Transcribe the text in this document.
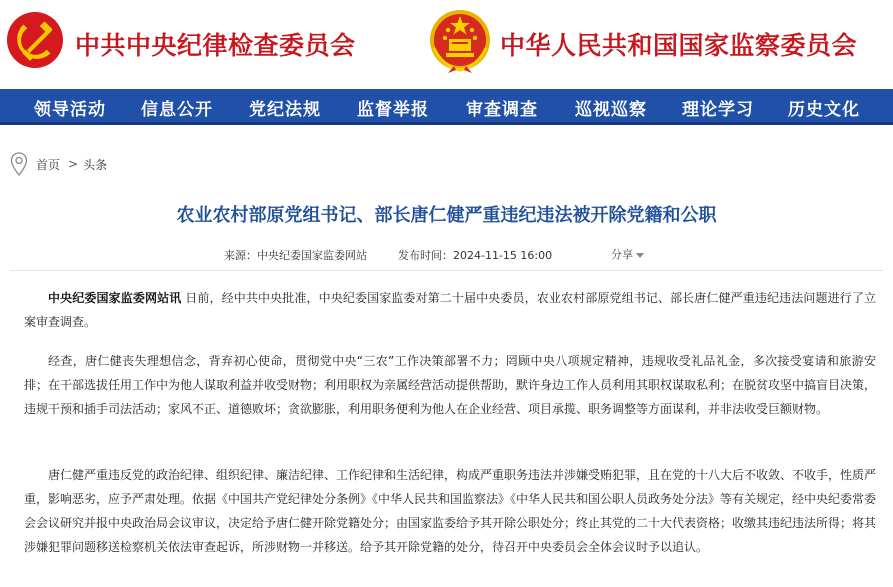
中共中央纪律检查委员会	中华人民共和国国家监察委员会
领导活动 信息公开 党纪法规 监督举报 审查调查 巡视巡察 理论学习 历史文化
首页 > 头条
农业农村部原党组书记、部长唐仁健严重违纪违法被开除党籍和公职
来源：中央纪委国家监委网站	发布时间：2024-11-15 16:00	分享
中央纪委国家监委网站讯 日前，经中共中央批准，中央纪委国家监委对第二十届中央委员，农业农村部原党组书记、部长唐仁健严重违纪违法问题进行了立案审查调查。
经查，唐仁健丧失理想信念，背弃初心使命，贯彻党中央“三农”工作决策部署不力；罔顾中央八项规定精神，违规收受礼品礼金，多次接受宴请和旅游安排；在干部选拔任用工作中为他人谋取利益并收受财物；利用职权为亲属经营活动提供帮助，默许身边工作人员利用其职权谋取私利；在脱贫攻坚中搞盲目决策，违规干预和插手司法活动；家风不正、道德败坏；贪欲膨胀，利用职务便利为他人在企业经营、项目承揽、职务调整等方面谋利，并非法收受巨额财物。
唐仁健严重违反党的政治纪律、组织纪律、廉洁纪律、工作纪律和生活纪律，构成严重职务违法并涉嫌受贿犯罪，且在党的十八大后不收敛、不收手，性质严重，影响恶劣，应予严肃处理。依据《中国共产党纪律处分条例》《中华人民共和国监察法》《中华人民共和国公职人员政务处分法》等有关规定，经中央纪委常委会会议研究并报中央政治局会议审议，决定给予唐仁健开除党籍处分；由国家监委给予其开除公职处分；终止其党的二十大代表资格；收缴其违纪违法所得；将其涉嫌犯罪问题移送检察机关依法审查起诉，所涉财物一并移送。给予其开除党籍的处分，待召开中央委员会全体会议时予以追认。
